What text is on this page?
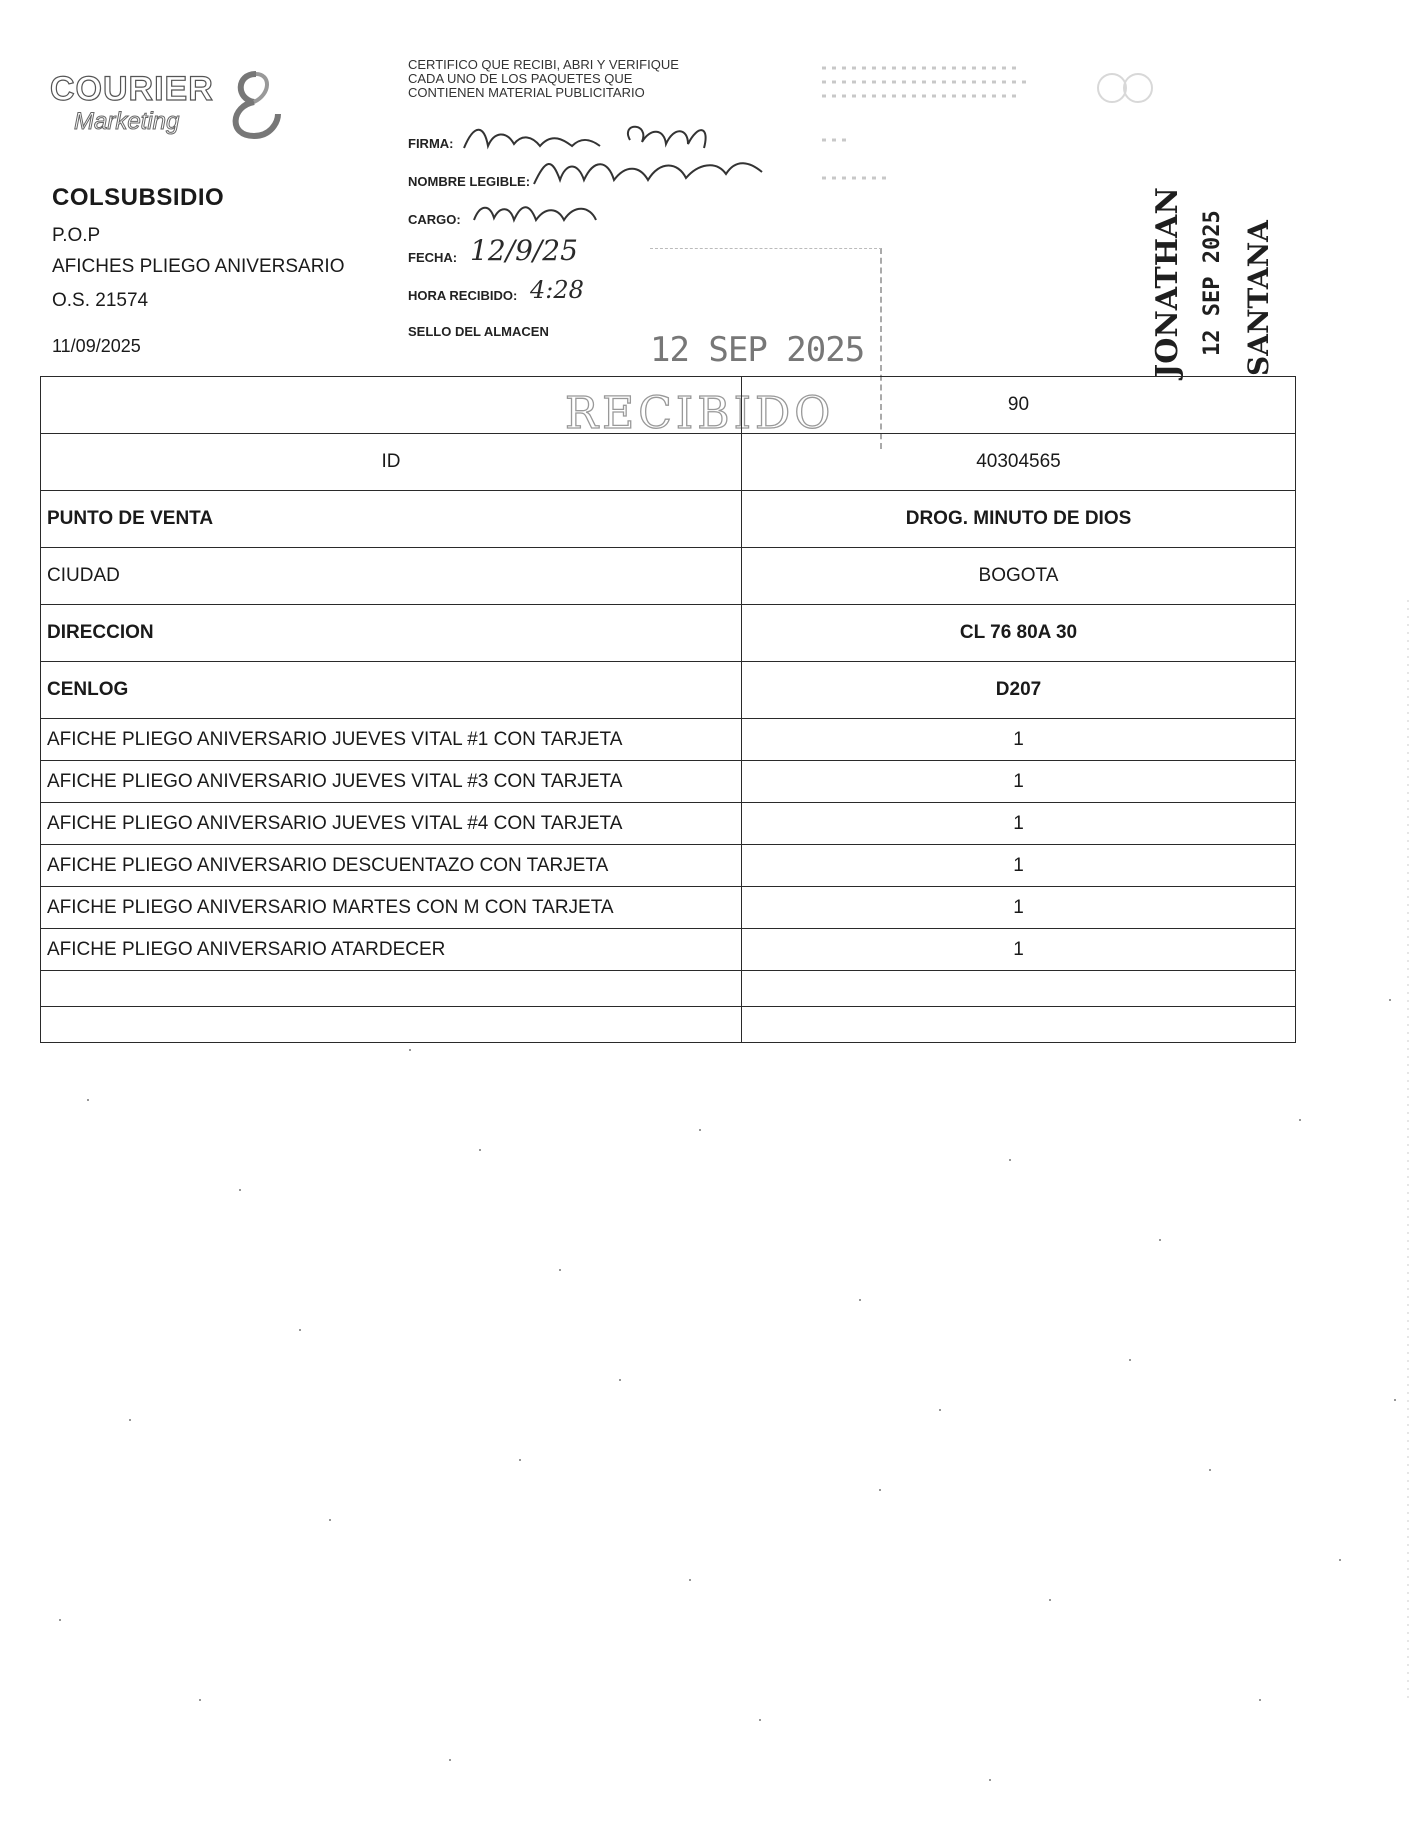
COURIER
Marketing
COLSUBSIDIO
P.O.P
AFICHES PLIEGO ANIVERSARIO
O.S. 21574
11/09/2025
CERTIFICO QUE RECIBI, ABRI Y VERIFIQUE
CADA UNO DE LOS PAQUETES QUE
CONTIENEN MATERIAL PUBLICITARIO
FIRMA:
NOMBRE LEGIBLE:
CARGO:
FECHA: 12/9/25
HORA RECIBIDO: 4:28
SELLO DEL ALMACEN	12 SEP 2025
RECIBIDO
JONATHAN 12 SEP 2025 SANTANA
	90
ID	40304565
PUNTO DE VENTA	DROG. MINUTO DE DIOS
CIUDAD	BOGOTA
DIRECCION	CL 76 80A 30
CENLOG	D207
AFICHE PLIEGO ANIVERSARIO JUEVES VITAL #1 CON TARJETA	1
AFICHE PLIEGO ANIVERSARIO JUEVES VITAL #3 CON TARJETA	1
AFICHE PLIEGO ANIVERSARIO JUEVES VITAL #4 CON TARJETA	1
AFICHE PLIEGO ANIVERSARIO DESCUENTAZO CON TARJETA	1
AFICHE PLIEGO ANIVERSARIO MARTES CON M CON TARJETA	1
AFICHE PLIEGO ANIVERSARIO ATARDECER	1
